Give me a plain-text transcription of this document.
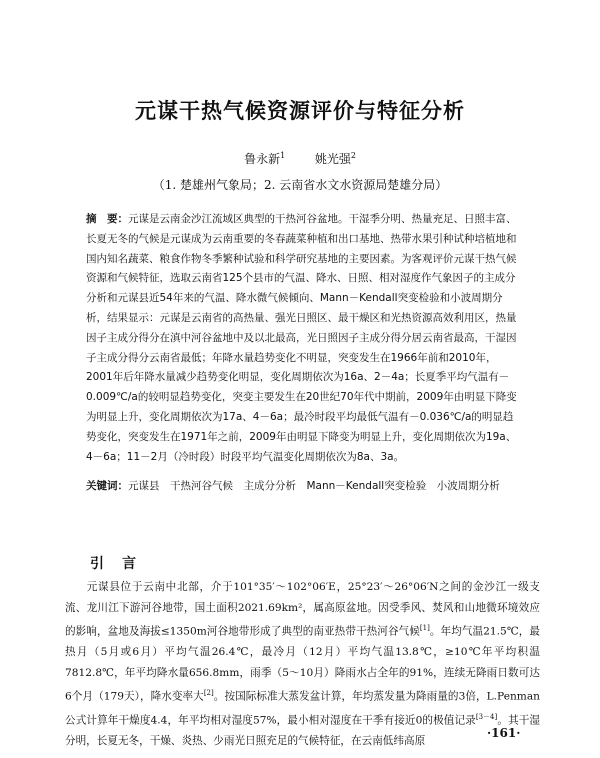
元谋干热气候资源评价与特征分析
鲁永新$^1$ 姚光强$^2$
（1. 楚雄州气象局；2. 云南省水文水资源局楚雄分局）
摘　要：元谋是云南金沙江流域区典型的干热河谷盆地。干湿季分明、热量充足、日照丰富、长夏无冬的气候是元谋成为云南重要的冬春蔬菜种植和出口基地、热带水果引种试种培植地和国内知名蔬菜、粮食作物冬季繁种试验和科学研究基地的主要因素。为客观评价元谋干热气候资源和气候特征，选取云南省125个县市的气温、降水、日照、相对湿度作气象因子的主成分分析和元谋县近54年来的气温、降水微气候倾向、Mann－Kendall突变检验和小波周期分析，结果显示：元谋是云南省的高热量、强光日照区、最干燥区和光热资源高效利用区，热量因子主成分得分在滇中河谷盆地中及以北最高，光日照因子主成分得分居云南省最高，干湿因子主成分得分云南省最低；年降水量趋势变化不明显，突变发生在1966年前和2010年，2001年后年降水量减少趋势变化明显，变化周期依次为16a、2－4a；长夏季平均气温有－0.009℃/a的较明显趋势变化，突变主要发生在20世纪70年代中期前，2009年由明显下降变为明显上升，变化周期依次为17a、4－6a；最冷时段平均最低气温有－0.036℃/a的明显趋势变化，突变发生在1971年之前，2009年由明显下降变为明显上升，变化周期依次为19a、4－6a；11－2月（冷时段）时段平均气温变化周期依次为8a、3a。
关键词：元谋县　干热河谷气候　主成分分析　Mann－Kendall突变检验　小波周期分析
引 言
元谋县位于云南中北部，介于101°35′～102°06′E，25°23′～26°06′N之间的金沙江一级支流、龙川江下游河谷地带，国土面积2021.69km²，属高原盆地。因受季风、焚风和山地微环境效应的影响，盆地及海拔≤1350m河谷地带形成了典型的南亚热带干热河谷气候[1]。年均气温21.5℃，最热月（5月或6月）平均气温26.4℃，最冷月（12月）平均气温13.8℃，≥10℃年平均积温7812.8℃，年平均降水量656.8mm，雨季（5～10月）降雨水占全年的91%，连续无降雨日数可达6个月（179天），降水变率大[2]。按国际标准大蒸发盆计算，年均蒸发量为降雨量的3倍，L.Penman公式计算年干燥度4.4，年平均相对湿度57%，最小相对湿度在干季有接近0的极值记录[3－4]。其干湿分明，长夏无冬，干燥、炎热、少雨光日照充足的气候特征，在云南低纬高原
·161·
